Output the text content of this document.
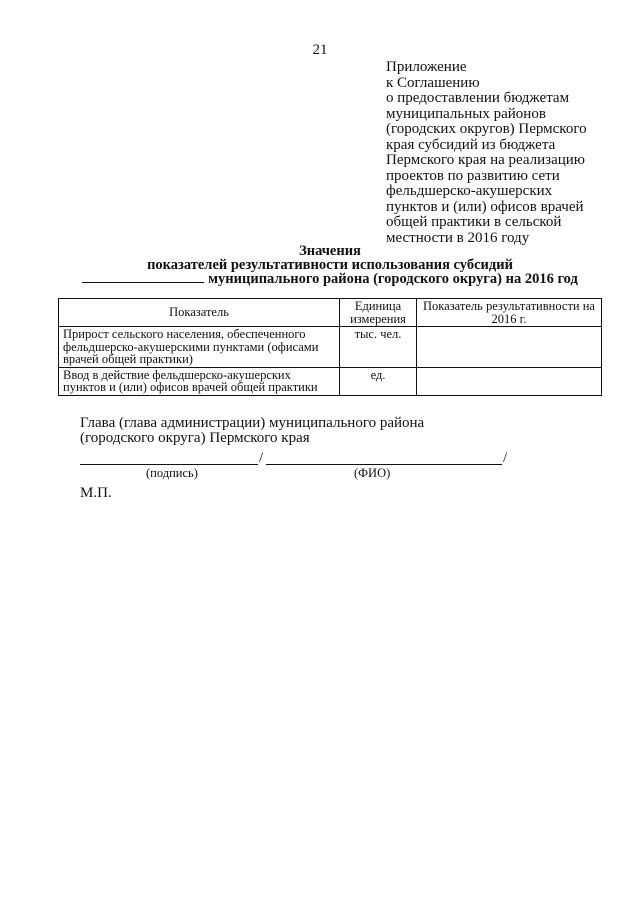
21
Приложение
к Соглашению
о предоставлении бюджетам
муниципальных районов
(городских округов) Пермского
края субсидий из бюджета
Пермского края на реализацию
проектов по развитию сети
фельдшерско-акушерских
пунктов и (или) офисов врачей
общей практики в сельской
местности в 2016 году
Значения
показателей результативности использования субсидий
муниципального района (городского округа) на 2016 год
Показатель	Единица измерения	Показатель результативности на 2016 г.
Прирост сельского населения, обеспеченного фельдшерско-акушерскими пунктами (офисами врачей общей практики)	тыс. чел.	
Ввод в действие фельдшерско-акушерских пунктов и (или) офисов врачей общей практики	ед.	
Глава (глава администрации) муниципального района
(городского округа) Пермского края
/	/
(подпись)	(ФИО)
М.П.
